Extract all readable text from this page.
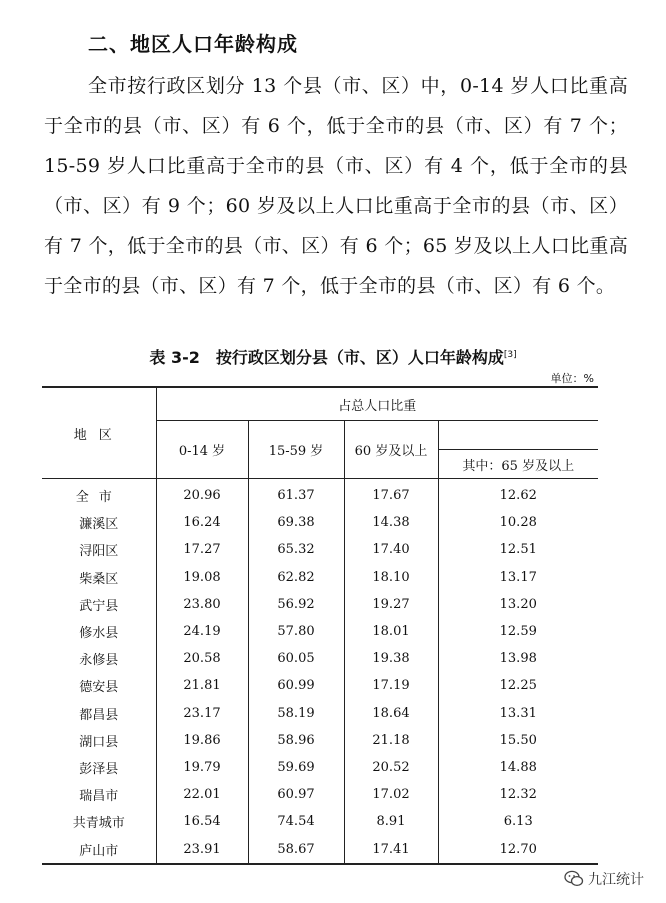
二、地区人口年龄构成

全市按行政区划分 13 个县（市、区）中，0-14 岁人口比重高于全市的县（市、区）有 6 个，低于全市的县（市、区）有 7 个；15-59 岁人口比重高于全市的县（市、区）有 4 个，低于全市的县（市、区）有 9 个；60 岁及以上人口比重高于全市的县（市、区）有 7 个，低于全市的县（市、区）有 6 个；65 岁及以上人口比重高于全市的县（市、区）有 7 个，低于全市的县（市、区）有 6 个。

表 3-2　按行政区划分县（市、区）人口年龄构成[3]
单位：%
地区	占总人口比重			
	0-14 岁	15-59 岁	60 岁及以上	
				其中：65 岁及以上
全市	20.96	61.37	17.67	12.62
濂溪区	16.24	69.38	14.38	10.28
浔阳区	17.27	65.32	17.40	12.51
柴桑区	19.08	62.82	18.10	13.17
武宁县	23.80	56.92	19.27	13.20
修水县	24.19	57.80	18.01	12.59
永修县	20.58	60.05	19.38	13.98
德安县	21.81	60.99	17.19	12.25
都昌县	23.17	58.19	18.64	13.31
湖口县	19.86	58.96	21.18	15.50
彭泽县	19.79	59.69	20.52	14.88
瑞昌市	22.01	60.97	17.02	12.32
共青城市	16.54	74.54	8.91	6.13
庐山市	23.91	58.67	17.41	12.70
九江统计
